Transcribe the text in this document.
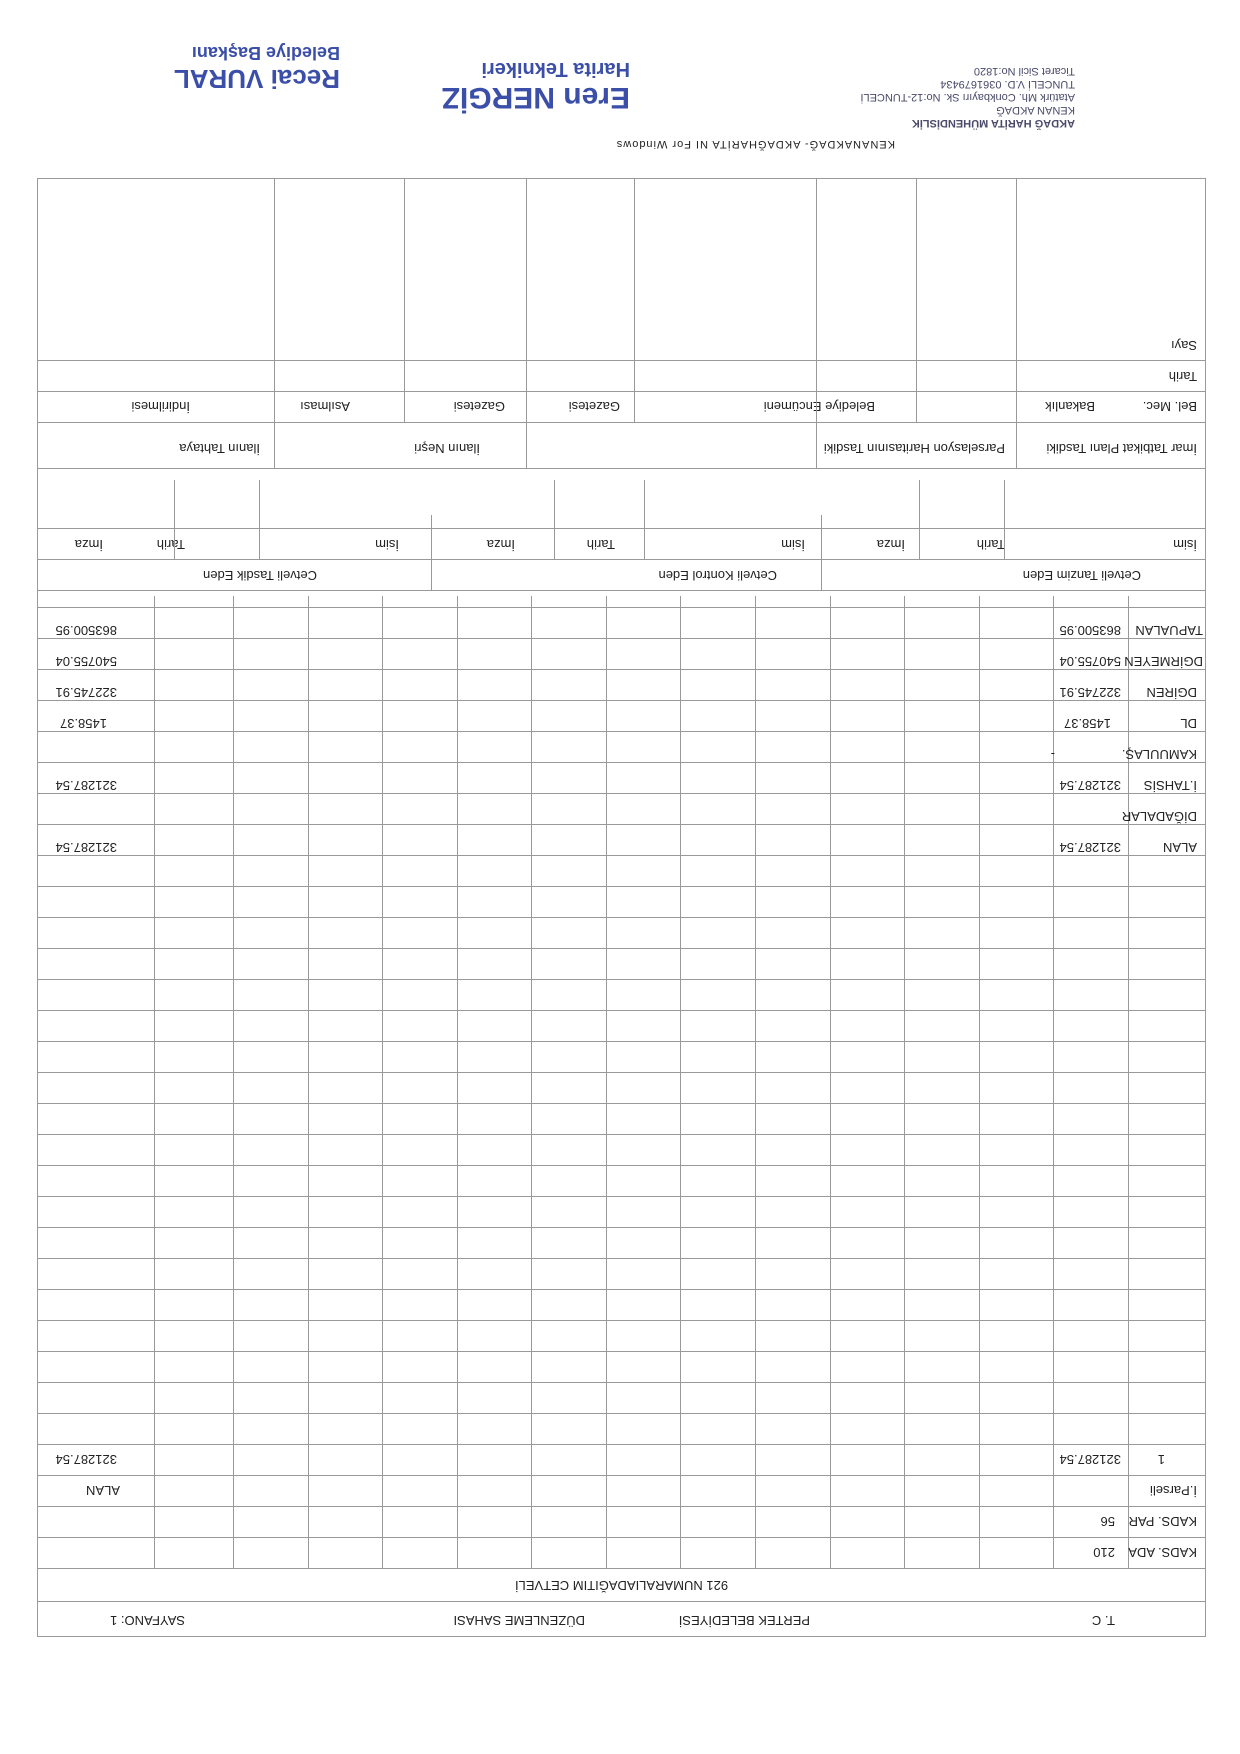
T. C
PERTEK BELEDİYESİ
DÜZENLEME SAHASI
SAYFANO: 1
921 NUMARALIADAĞITIM CETVELİ
KADS. ADA
210
KADS. PAR
56
İ.Parseli
ALAN
1
321287.54
321287.54
ALAN
321287.54
321287.54
DİĞADALAR
İ.TAHSİS
321287.54
321287.54
KAMUULAŞ.
-
DL
1458.37
1458.37
DGİREN
322745.91
322745.91
DGİRMEYEN
540755.04
540755.04
TAPUALAN
863500.95
863500.95
Cetveli Tanzim Eden
Cetveli Kontrol Eden
Cetveli Tasdik Eden
İsim
Tarih
İmza
İsim
Tarih
İmza
İsim
Tarih
İmza
İmar Tatbikat Planı Tasdiki
Parselasyon Haritasının Tasdiki
İlanın Neşri
İlanın Tahtaya
Bel. Mec.
Bakanlık
Belediye Encümeni
Gazetesi
Gazetesi
Asılması
İndirilmesi
Tarih
Sayı
KENANAKDAĞ- AKDAĞHARİTA NI For Windows
AKDAĞ HARİTA MÜHENDİSLİK
KENAN AKDAĞ
Atatürk Mh. Conkbayırı Sk. No:12-TUNCELİ
TUNCELİ V.D. 0361679434
Ticaret Sicil No:1820
Eren NERGİZ
Harita Teknikeri
Recai VURAL
Belediye Başkanı
